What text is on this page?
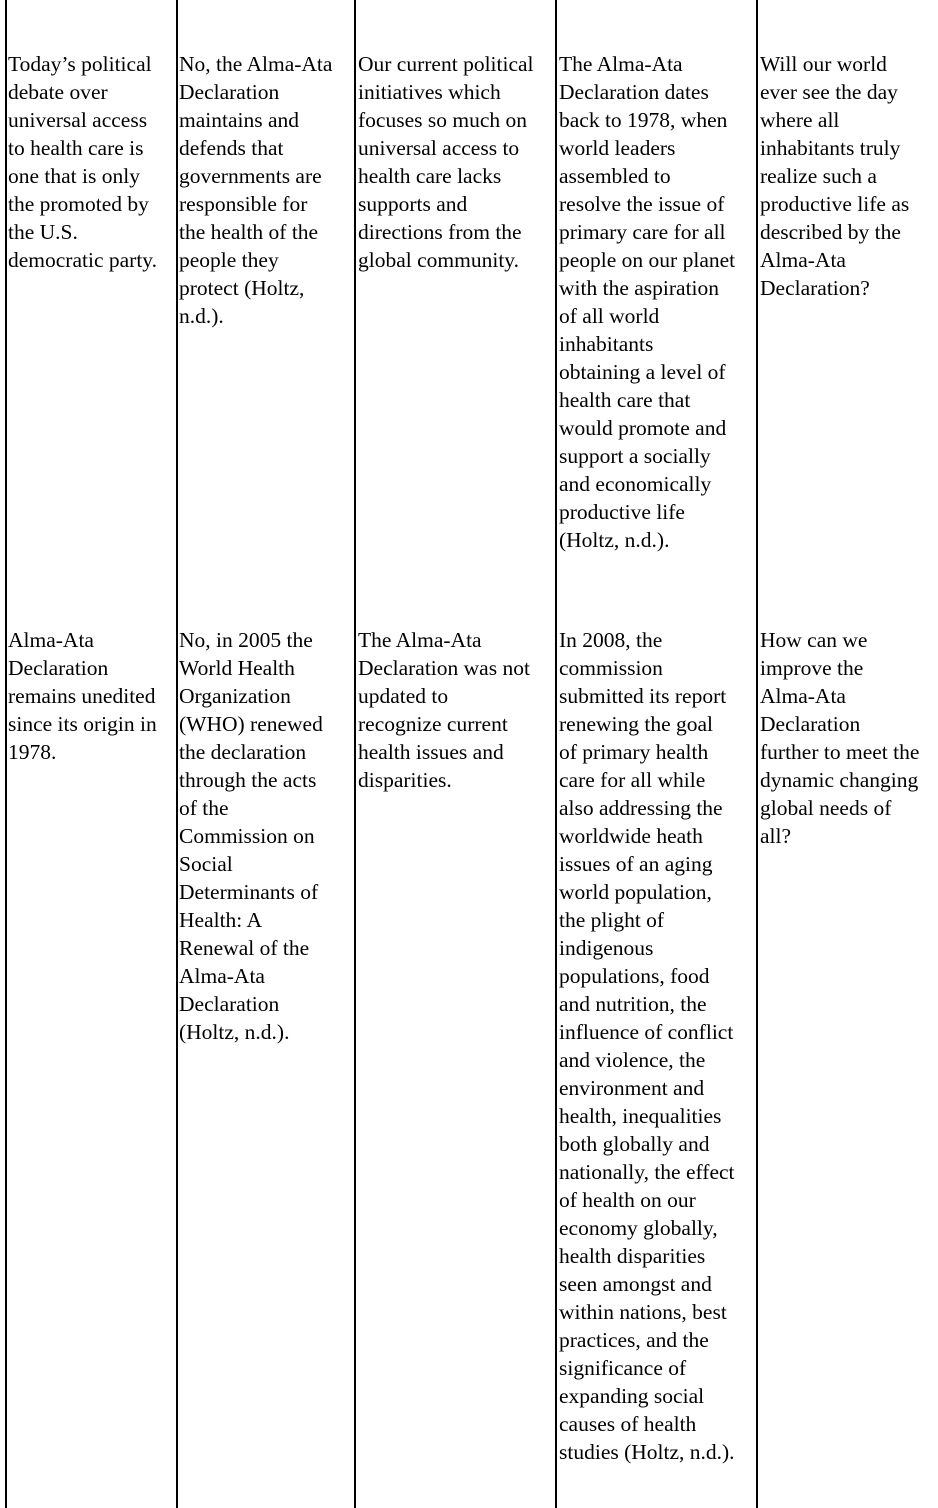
Today’s political
debate over
universal access
to health care is
one that is only
the promoted by
the U.S.
democratic party.

No, the Alma-Ata
Declaration
maintains and
defends that
governments are
responsible for
the health of the
people they
protect (Holtz,
n.d.).

Our current political
initiatives which
focuses so much on
universal access to
health care lacks
supports and
directions from the
global community.

The Alma-Ata
Declaration dates
back to 1978, when
world leaders
assembled to
resolve the issue of
primary care for all
people on our planet
with the aspiration
of all world
inhabitants
obtaining a level of
health care that
would promote and
support a socially
and economically
productive life
(Holtz, n.d.).

Will our world
ever see the day
where all
inhabitants truly
realize such a
productive life as
described by the
Alma-Ata
Declaration?

Alma-Ata
Declaration
remains unedited
since its origin in
1978.

No, in 2005 the
World Health
Organization
(WHO) renewed
the declaration
through the acts
of the
Commission on
Social
Determinants of
Health: A
Renewal of the
Alma-Ata
Declaration
(Holtz, n.d.).

The Alma-Ata
Declaration was not
updated to
recognize current
health issues and
disparities.

In 2008, the
commission
submitted its report
renewing the goal
of primary health
care for all while
also addressing the
worldwide heath
issues of an aging
world population,
the plight of
indigenous
populations, food
and nutrition, the
influence of conflict
and violence, the
environment and
health, inequalities
both globally and
nationally, the effect
of health on our
economy globally,
health disparities
seen amongst and
within nations, best
practices, and the
significance of
expanding social
causes of health
studies (Holtz, n.d.).

How can we
improve the
Alma-Ata
Declaration
further to meet the
dynamic changing
global needs of
all?
